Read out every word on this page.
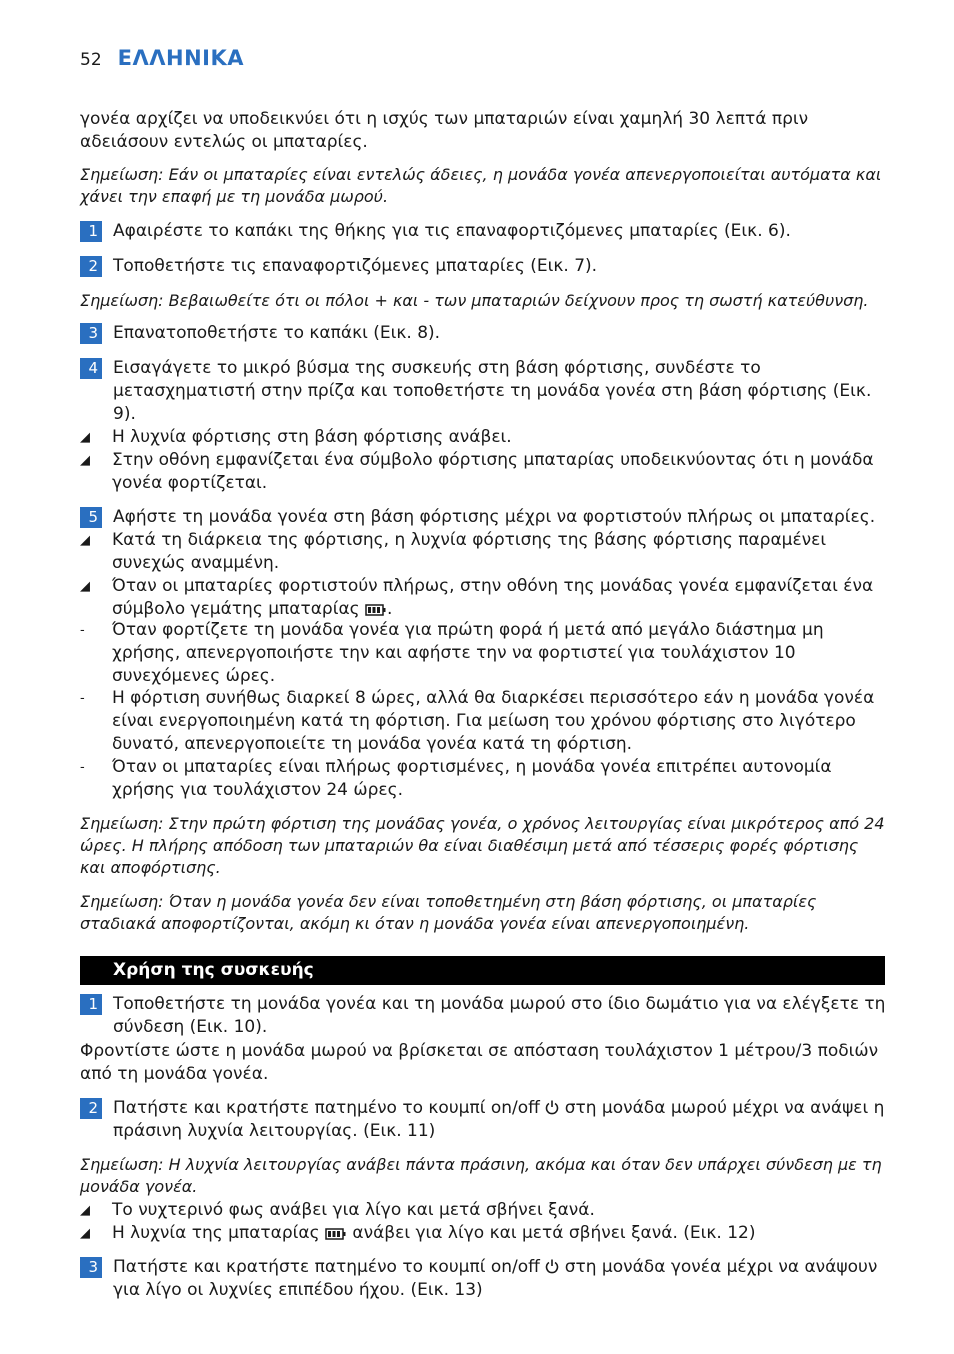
52 ΕΛΛΗΝΙΚΑ
γονέα αρχίζει να υποδεικνύει ότι η ισχύς των μπαταριών είναι χαμηλή 30 λεπτά πριν αδειάσουν εντελώς οι μπαταρίες.
Σημείωση: Εάν οι μπαταρίες είναι εντελώς άδειες, η μονάδα γονέα απενεργοποιείται αυτόματα και χάνει την επαφή με τη μονάδα μωρού.
1 Αφαιρέστε το καπάκι της θήκης για τις επαναφορτιζόμενες μπαταρίες (Εικ. 6).
2 Τοποθετήστε τις επαναφορτιζόμενες μπαταρίες (Εικ. 7).
Σημείωση: Βεβαιωθείτε ότι οι πόλοι + και - των μπαταριών δείχνουν προς τη σωστή κατεύθυνση.
3 Επανατοποθετήστε το καπάκι (Εικ. 8).
4 Εισαγάγετε το μικρό βύσμα της συσκευής στη βάση φόρτισης, συνδέστε το μετασχηματιστή στην πρίζα και τοποθετήστε τη μονάδα γονέα στη βάση φόρτισης (Εικ. 9).
◢	Η λυχνία φόρτισης στη βάση φόρτισης ανάβει.
◢	Στην οθόνη εμφανίζεται ένα σύμβολο φόρτισης μπαταρίας υποδεικνύοντας ότι η μονάδα γονέα φορτίζεται.
5 Αφήστε τη μονάδα γονέα στη βάση φόρτισης μέχρι να φορτιστούν πλήρως οι μπαταρίες.
◢	Κατά τη διάρκεια της φόρτισης, η λυχνία φόρτισης της βάσης φόρτισης παραμένει συνεχώς αναμμένη.
◢	Όταν οι μπαταρίες φορτιστούν πλήρως, στην οθόνη της μονάδας γονέα εμφανίζεται ένα σύμβολο γεμάτης μπαταρίας .
-	Όταν φορτίζετε τη μονάδα γονέα για πρώτη φορά ή μετά από μεγάλο διάστημα μη χρήσης, απενεργοποιήστε την και αφήστε την να φορτιστεί για τουλάχιστον 10 συνεχόμενες ώρες.
-	Η φόρτιση συνήθως διαρκεί 8 ώρες, αλλά θα διαρκέσει περισσότερο εάν η μονάδα γονέα είναι ενεργοποιημένη κατά τη φόρτιση. Για μείωση του χρόνου φόρτισης στο λιγότερο δυνατό, απενεργοποιείτε τη μονάδα γονέα κατά τη φόρτιση.
-	Όταν οι μπαταρίες είναι πλήρως φορτισμένες, η μονάδα γονέα επιτρέπει αυτονομία χρήσης για τουλάχιστον 24 ώρες.
Σημείωση: Στην πρώτη φόρτιση της μονάδας γονέα, ο χρόνος λειτουργίας είναι μικρότερος από 24 ώρες. Η πλήρης απόδοση των μπαταριών θα είναι διαθέσιμη μετά από τέσσερις φορές φόρτισης και αποφόρτισης.
Σημείωση: Όταν η μονάδα γονέα δεν είναι τοποθετημένη στη βάση φόρτισης, οι μπαταρίες σταδιακά αποφορτίζονται, ακόμη κι όταν η μονάδα γονέα είναι απενεργοποιημένη.
Χρήση της συσκευής
1 Τοποθετήστε τη μονάδα γονέα και τη μονάδα μωρού στο ίδιο δωμάτιο για να ελέγξετε τη σύνδεση (Εικ. 10).
Φροντίστε ώστε η μονάδα μωρού να βρίσκεται σε απόσταση τουλάχιστον 1 μέτρου/3 ποδιών από τη μονάδα γονέα.
2 Πατήστε και κρατήστε πατημένο το κουμπί on/off στη μονάδα μωρού μέχρι να ανάψει η πράσινη λυχνία λειτουργίας. (Εικ. 11)
Σημείωση: Η λυχνία λειτουργίας ανάβει πάντα πράσινη, ακόμα και όταν δεν υπάρχει σύνδεση με τη μονάδα γονέα.
◢	Το νυχτερινό φως ανάβει για λίγο και μετά σβήνει ξανά.
◢	Η λυχνία της μπαταρίας ανάβει για λίγο και μετά σβήνει ξανά. (Εικ. 12)
3 Πατήστε και κρατήστε πατημένο το κουμπί on/off στη μονάδα γονέα μέχρι να ανάψουν για λίγο οι λυχνίες επιπέδου ήχου. (Εικ. 13)
